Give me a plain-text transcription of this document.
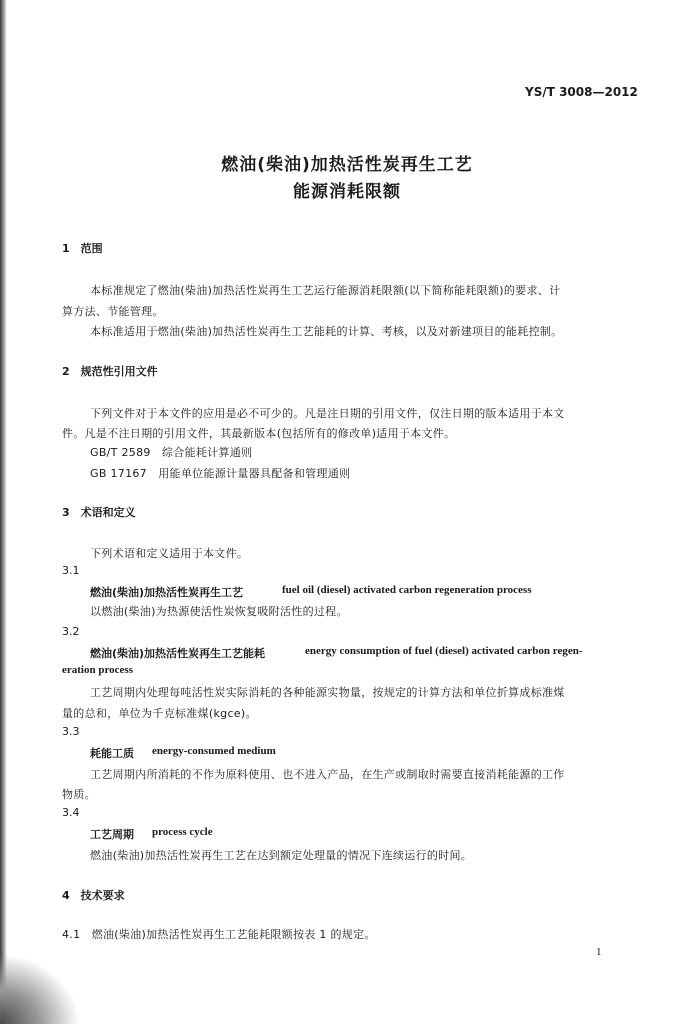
YS/T 3008—2012
燃油(柴油)加热活性炭再生工艺
能源消耗限额
1　范围
本标准规定了燃油(柴油)加热活性炭再生工艺运行能源消耗限额(以下简称能耗限额)的要求、计
算方法、节能管理。
本标准适用于燃油(柴油)加热活性炭再生工艺能耗的计算、考核，以及对新建项目的能耗控制。
2　规范性引用文件
下列文件对于本文件的应用是必不可少的。凡是注日期的引用文件，仅注日期的版本适用于本文
件。凡是不注日期的引用文件，其最新版本(包括所有的修改单)适用于本文件。
GB/T 2589　综合能耗计算通则
GB 17167　用能单位能源计量器具配备和管理通则
3　术语和定义
下列术语和定义适用于本文件。
3.1
燃油(柴油)加热活性炭再生工艺	fuel oil (diesel) activated carbon regeneration process
以燃油(柴油)为热源使活性炭恢复吸附活性的过程。
3.2
燃油(柴油)加热活性炭再生工艺能耗	energy consumption of fuel (diesel) activated carbon regen-
eration process
工艺周期内处理每吨活性炭实际消耗的各种能源实物量，按规定的计算方法和单位折算成标准煤
量的总和，单位为千克标准煤(kgce)。
3.3
耗能工质 energy-consumed medium
工艺周期内所消耗的不作为原料使用、也不进入产品，在生产或制取时需要直接消耗能源的工作
物质。
3.4
工艺周期 process cycle
燃油(柴油)加热活性炭再生工艺在达到额定处理量的情况下连续运行的时间。
4　技术要求
4.1　燃油(柴油)加热活性炭再生工艺能耗限额按表 1 的规定。
1
